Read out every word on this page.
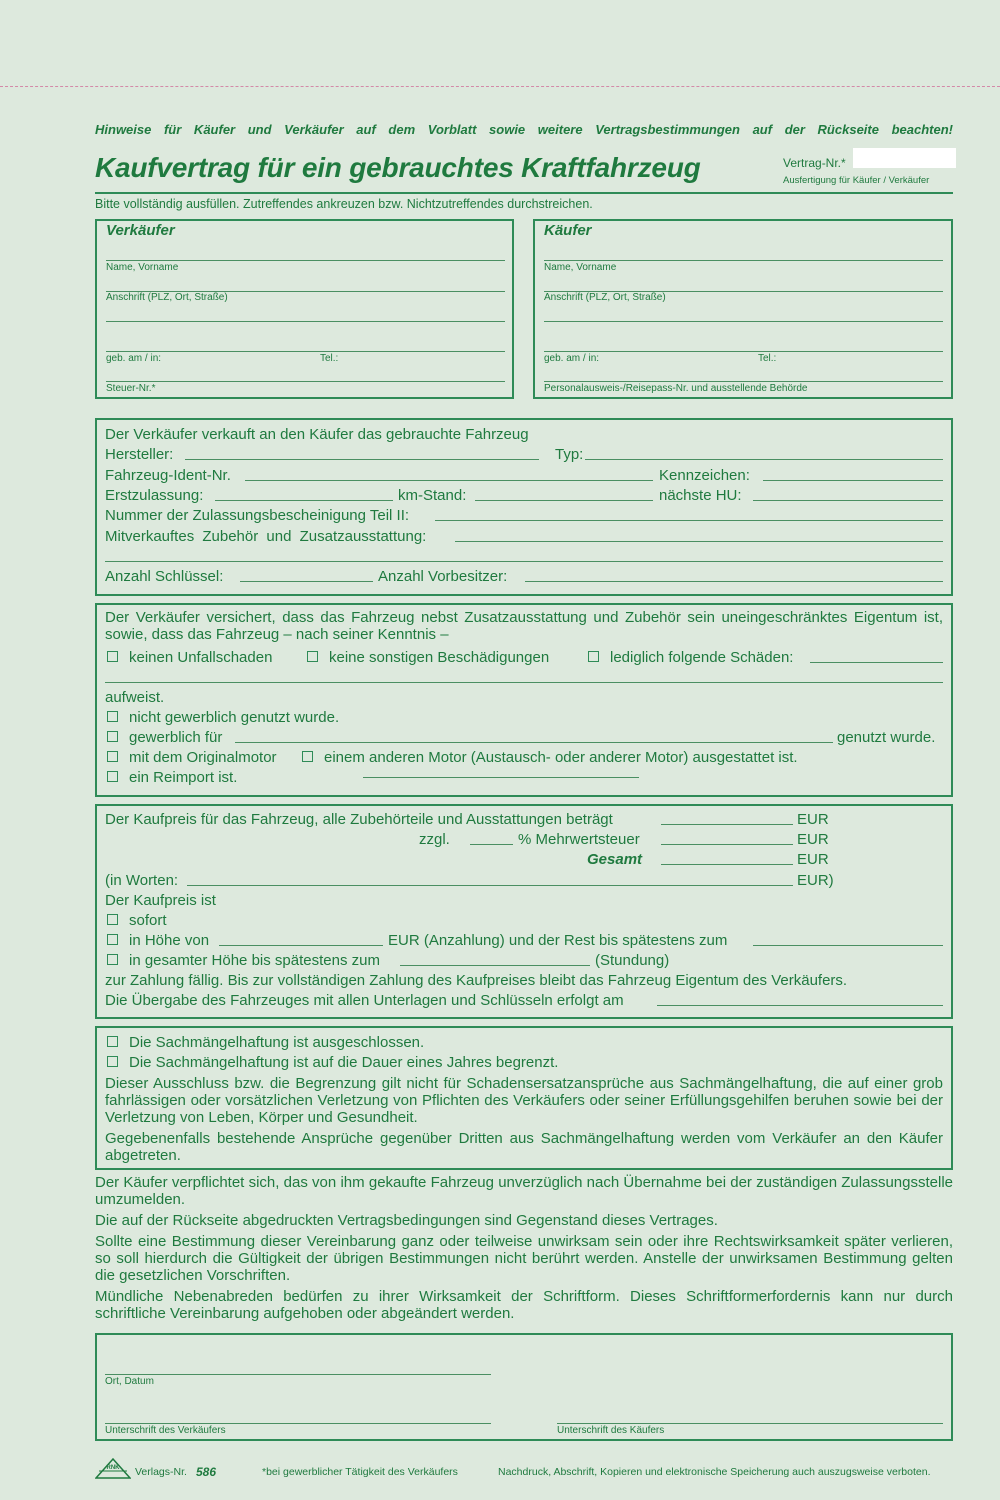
Hinweise für Käufer und Verkäufer auf dem Vorblatt sowie weitere Vertragsbestimmungen auf der Rückseite beachten!
Kaufvertrag für ein gebrauchtes Kraftfahrzeug	Vertrag-Nr.*
Ausfertigung für Käufer / Verkäufer
Bitte vollständig ausfüllen. Zutreffendes ankreuzen bzw. Nichtzutreffendes durchstreichen.
Verkäufer
Name, Vorname
Anschrift (PLZ, Ort, Straße)
geb. am / in:	Tel.:
Steuer-Nr.*
Käufer
Name, Vorname
Anschrift (PLZ, Ort, Straße)
geb. am / in:	Tel.:
Personalausweis-/Reisepass-Nr. und ausstellende Behörde
Der Verkäufer verkauft an den Käufer das gebrauchte Fahrzeug
Hersteller:	Typ:
Fahrzeug-Ident-Nr.	Kennzeichen:
Erstzulassung:	km-Stand:	nächste HU:
Nummer der Zulassungsbescheinigung Teil II:
Mitverkauftes Zubehör und Zusatzausstattung:
Anzahl Schlüssel:	Anzahl Vorbesitzer:
Der Verkäufer versichert, dass das Fahrzeug nebst Zusatzausstattung und Zubehör sein uneingeschränktes Eigentum ist, sowie, dass das Fahrzeug – nach seiner Kenntnis –
keinen Unfallschaden	keine sonstigen Beschädigungen	lediglich folgende Schäden:
aufweist.
nicht gewerblich genutzt wurde.
gewerblich für	genutzt wurde.
mit dem Originalmotor	einem anderen Motor (Austausch- oder anderer Motor) ausgestattet ist.
ein Reimport ist.
Der Kaufpreis für das Fahrzeug, alle Zubehörteile und Ausstattungen beträgt	EUR
zzgl.	% Mehrwertsteuer	EUR
Gesamt	EUR
(in Worten:	EUR)
Der Kaufpreis ist
sofort
in Höhe von	EUR (Anzahlung) und der Rest bis spätestens zum
in gesamter Höhe bis spätestens zum	(Stundung)
zur Zahlung fällig. Bis zur vollständigen Zahlung des Kaufpreises bleibt das Fahrzeug Eigentum des Verkäufers.
Die Übergabe des Fahrzeuges mit allen Unterlagen und Schlüsseln erfolgt am
Die Sachmängelhaftung ist ausgeschlossen.
Die Sachmängelhaftung ist auf die Dauer eines Jahres begrenzt.
Dieser Ausschluss bzw. die Begrenzung gilt nicht für Schadensersatzansprüche aus Sachmängelhaftung, die auf einer grob fahrlässigen oder vorsätzlichen Verletzung von Pflichten des Verkäufers oder seiner Erfüllungsgehilfen beruhen sowie bei der Verletzung von Leben, Körper und Gesundheit.
Gegebenenfalls bestehende Ansprüche gegenüber Dritten aus Sachmängelhaftung werden vom Verkäufer an den Käufer abgetreten.
Der Käufer verpflichtet sich, das von ihm gekaufte Fahrzeug unverzüglich nach Übernahme bei der zuständigen Zulassungsstelle umzumelden.
Die auf der Rückseite abgedruckten Vertragsbedingungen sind Gegenstand dieses Vertrages.
Sollte eine Bestimmung dieser Vereinbarung ganz oder teilweise unwirksam sein oder ihre Rechtswirksamkeit später verlieren, so soll hierdurch die Gültigkeit der übrigen Bestimmungen nicht berührt werden. Anstelle der unwirksamen Bestimmung gelten die gesetzlichen Vorschriften.
Mündliche Nebenabreden bedürfen zu ihrer Wirksamkeit der Schriftform. Dieses Schriftformerfordernis kann nur durch schriftliche Vereinbarung aufgehoben oder abgeändert werden.
Ort, Datum
Unterschrift des Verkäufers	Unterschrift des Käufers
RNK Verlags-Nr. 586	*bei gewerblicher Tätigkeit des Verkäufers	Nachdruck, Abschrift, Kopieren und elektronische Speicherung auch auszugsweise verboten.
